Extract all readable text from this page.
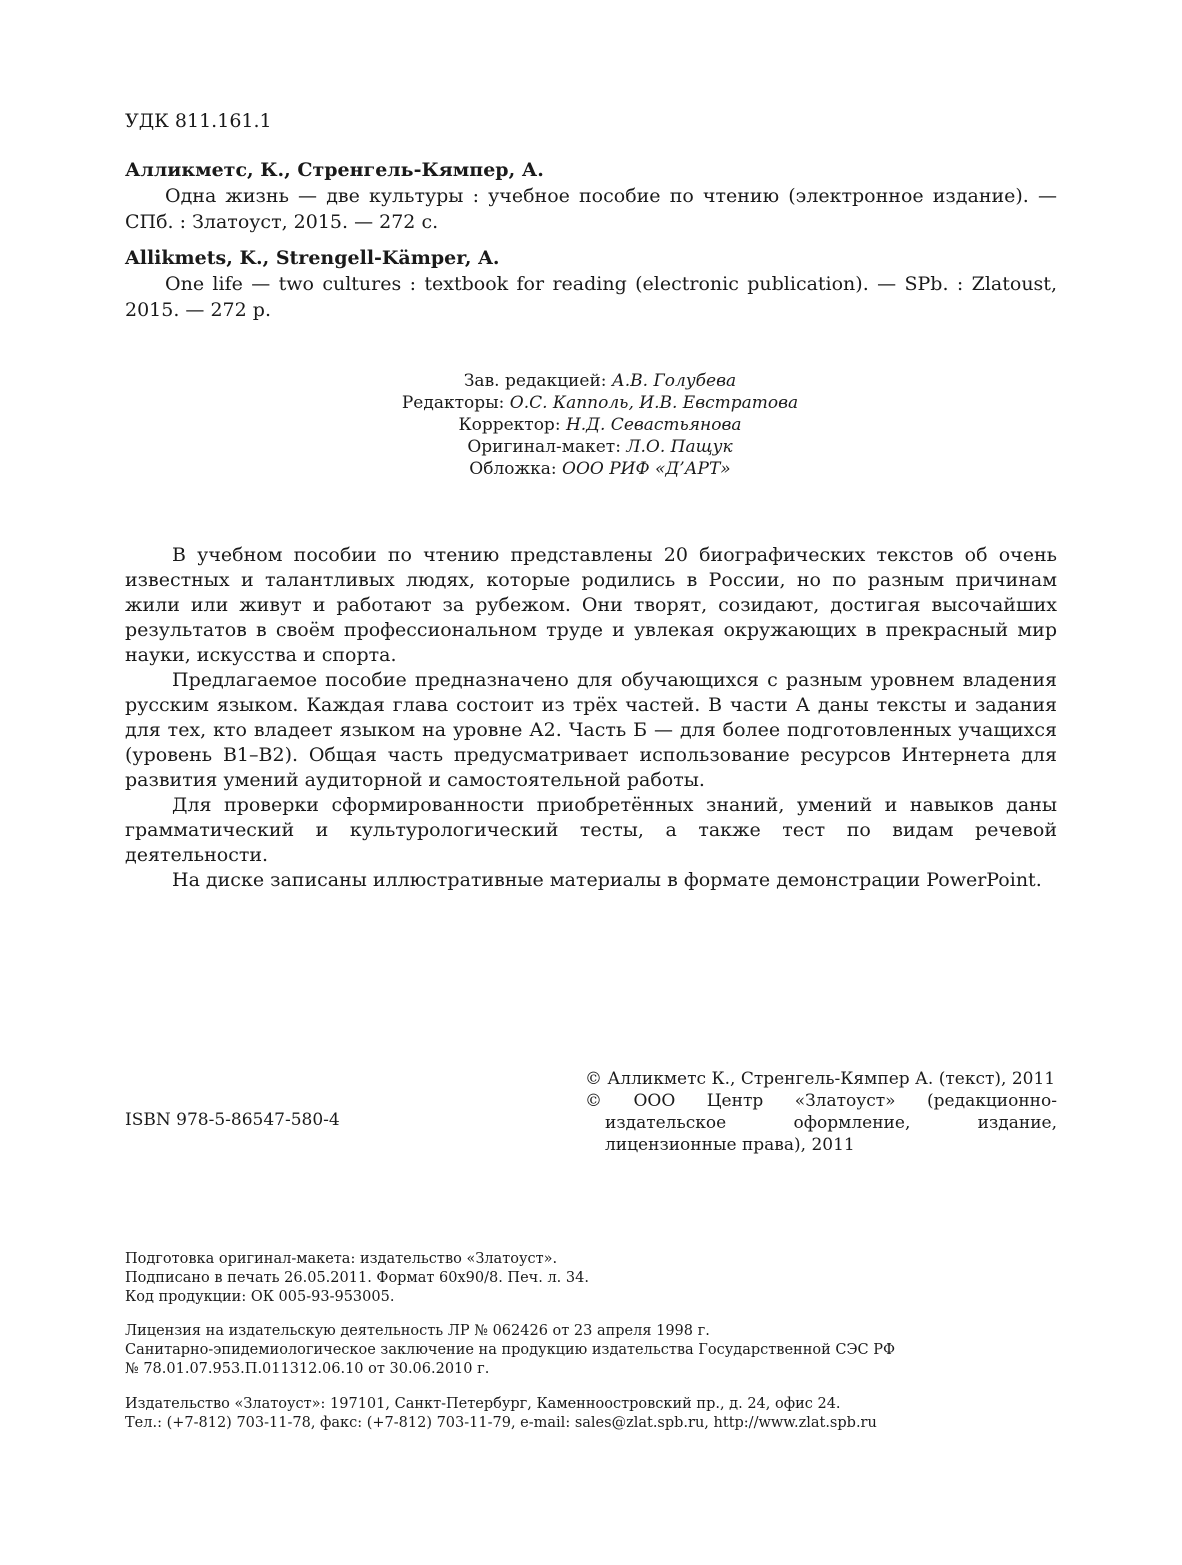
УДК 811.161.1
Алликметс, К., Стренгель-Кямпер, А.
Одна жизнь — две культуры : учебное пособие по чтению (электронное издание). — СПб. : Златоуст, 2015. — 272 с.
Allikmets, K., Strengell-Kämper, A.
One life — two cultures : textbook for reading (electronic publication). — SPb. : Zlatoust, 2015. — 272 p.
Зав. редакцией: А.В. Голубева
Редакторы: О.С. Капполь, И.В. Евстратова
Корректор: Н.Д. Севастьянова
Оригинал-макет: Л.О. Пащук
Обложка: ООО РИФ «Д’АРТ»

В учебном пособии по чтению представлены 20 биографических текстов об очень известных и талантливых людях, которые родились в России, но по разным причинам жили или живут и работают за рубежом. Они творят, созидают, достигая высочайших результатов в своём профессиональном труде и увлекая окружающих в прекрасный мир науки, искусства и спорта.

Предлагаемое пособие предназначено для обучающихся с разным уровнем владения русским языком. Каждая глава состоит из трёх частей. В части А даны тексты и задания для тех, кто владеет языком на уровне А2. Часть Б — для более подготовленных учащихся (уровень В1–В2). Общая часть предусматривает использование ресурсов Интернета для развития умений аудиторной и самостоятельной работы.

Для проверки сформированности приобретённых знаний, умений и навыков даны грамматический и культурологический тесты, а также тест по видам речевой деятельности.

На диске записаны иллюстративные материалы в формате демонстрации PowerPoint.

ISBN 978-5-86547-580-4
© Алликметс К., Стренгель-Кямпер А. (текст), 2011
© ООО Центр «Златоуст» (редакционно-издательское оформление, издание, лицензионные права), 2011
Подготовка оригинал-макета: издательство «Златоуст».
Подписано в печать 26.05.2011. Формат 60х90/8. Печ. л. 34.
Код продукции: ОК 005-93-953005.
Лицензия на издательскую деятельность ЛР № 062426 от 23 апреля 1998 г.
Санитарно-эпидемиологическое заключение на продукцию издательства Государственной СЭС РФ
№ 78.01.07.953.П.011312.06.10 от 30.06.2010 г.
Издательство «Златоуст»: 197101, Санкт-Петербург, Каменноостровский пр., д. 24, офис 24.
Тел.: (+7-812) 703-11-78, факс: (+7-812) 703-11-79, e-mail: sales@zlat.spb.ru, http://www.zlat.spb.ru
